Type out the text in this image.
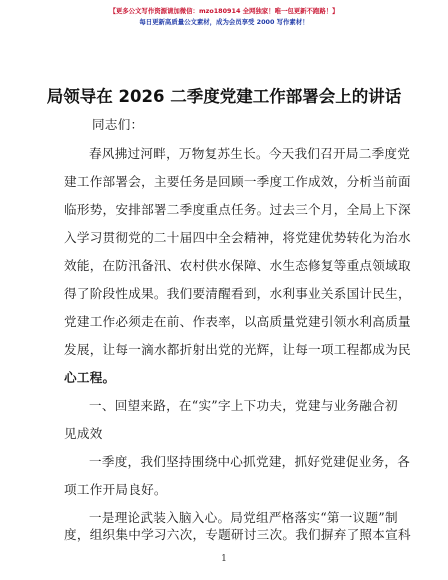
【更多公文写作资源请加微信：mzo180914 全网独家！唯一包更新不跑路！】
每日更新高质量公文素材，成为会员享受 2000 写作素材！
局领导在 2026 二季度党建工作部署会上的讲话
同志们：
春风拂过河畔，万物复苏生长。今天我们召开局二季度党
建工作部署会，主要任务是回顾一季度工作成效，分析当前面
临形势，安排部署二季度重点任务。过去三个月，全局上下深
入学习贯彻党的二十届四中全会精神，将党建优势转化为治水
效能，在防汛备汛、农村供水保障、水生态修复等重点领域取
得了阶段性成果。我们要清醒看到，水利事业关系国计民生，
党建工作必须走在前、作表率，以高质量党建引领水利高质量
发展，让每一滴水都折射出党的光辉，让每一项工程都成为民
心工程。
一、回望来路，在“实”字上下功夫，党建与业务融合初
见成效
一季度，我们坚持围绕中心抓党建，抓好党建促业务，各
项工作开局良好。
一是理论武装入脑入心。局党组严格落实“第一议题”制
1
度，组织集中学习六次，专题研讨三次。我们摒弃了照本宣科
